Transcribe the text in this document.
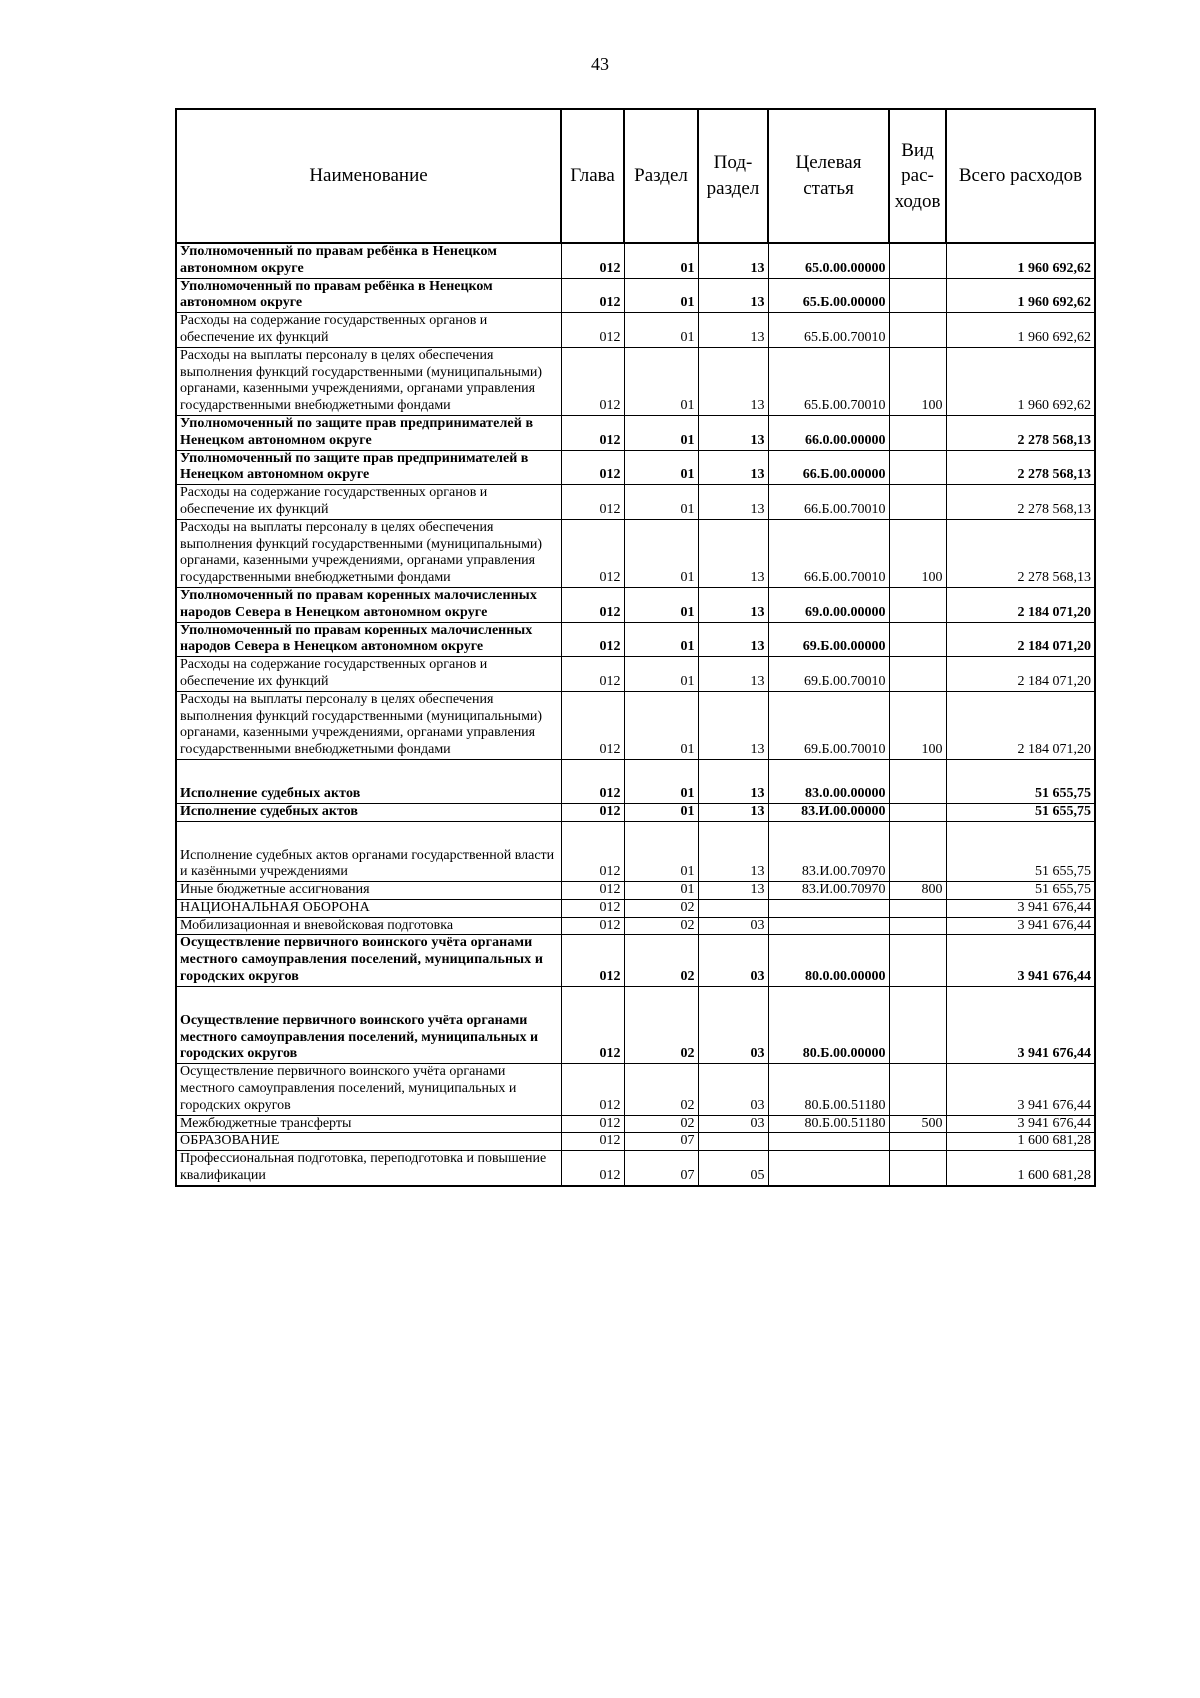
43
Наименование	Глава	Раздел	Под-раздел	Целевая статья	Вид рас-ходов	Всего расходов
Уполномоченный по правам ребёнка в Ненецком автономном округе	012	01	13	65.0.00.00000		1 960 692,62
Уполномоченный по правам ребёнка в Ненецком автономном округе	012	01	13	65.Б.00.00000		1 960 692,62
Расходы на содержание государственных органов и обеспечение их функций	012	01	13	65.Б.00.70010		1 960 692,62
Расходы на выплаты персоналу в целях обеспечения выполнения функций государственными (муниципальными) органами, казенными учреждениями, органами управления государственными внебюджетными фондами	012	01	13	65.Б.00.70010	100	1 960 692,62
Уполномоченный по защите прав предпринимателей в Ненецком автономном округе	012	01	13	66.0.00.00000		2 278 568,13
Уполномоченный по защите прав предпринимателей в Ненецком автономном округе	012	01	13	66.Б.00.00000		2 278 568,13
Расходы на содержание государственных органов и обеспечение их функций	012	01	13	66.Б.00.70010		2 278 568,13
Расходы на выплаты персоналу в целях обеспечения выполнения функций государственными (муниципальными) органами, казенными учреждениями, органами управления государственными внебюджетными фондами	012	01	13	66.Б.00.70010	100	2 278 568,13
Уполномоченный по правам коренных малочисленных народов Севера в Ненецком автономном округе	012	01	13	69.0.00.00000		2 184 071,20
Уполномоченный по правам коренных малочисленных народов Севера в Ненецком автономном округе	012	01	13	69.Б.00.00000		2 184 071,20
Расходы на содержание государственных органов и обеспечение их функций	012	01	13	69.Б.00.70010		2 184 071,20
Расходы на выплаты персоналу в целях обеспечения выполнения функций государственными (муниципальными) органами, казенными учреждениями, органами управления государственными внебюджетными фондами	012	01	13	69.Б.00.70010	100	2 184 071,20
Исполнение судебных актов	012	01	13	83.0.00.00000		51 655,75
Исполнение судебных актов	012	01	13	83.И.00.00000		51 655,75
Исполнение судебных актов органами государственной власти и казёнными учреждениями	012	01	13	83.И.00.70970		51 655,75
Иные бюджетные ассигнования	012	01	13	83.И.00.70970	800	51 655,75
НАЦИОНАЛЬНАЯ ОБОРОНА	012	02				3 941 676,44
Мобилизационная и вневойсковая подготовка	012	02	03			3 941 676,44
Осуществление первичного воинского учёта органами местного самоуправления поселений, муниципальных и городских округов	012	02	03	80.0.00.00000		3 941 676,44
Осуществление первичного воинского учёта органами местного самоуправления поселений, муниципальных и городских округов	012	02	03	80.Б.00.00000		3 941 676,44
Осуществление первичного воинского учёта органами местного самоуправления поселений, муниципальных и городских округов	012	02	03	80.Б.00.51180		3 941 676,44
Межбюджетные трансферты	012	02	03	80.Б.00.51180	500	3 941 676,44
ОБРАЗОВАНИЕ	012	07				1 600 681,28
Профессиональная подготовка, переподготовка и повышение квалификации	012	07	05			1 600 681,28
